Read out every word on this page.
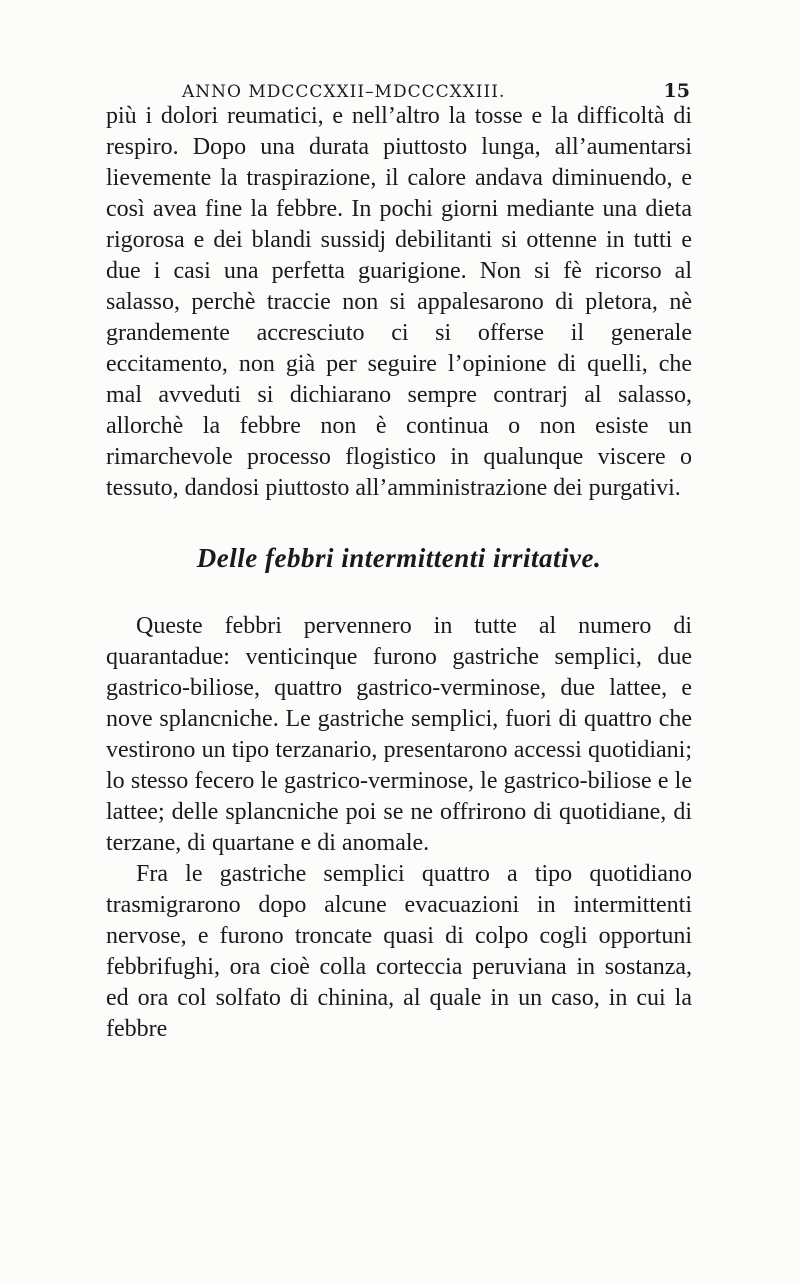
ANNO MDCCCXXII–MDCCCXXIII.	15

più i dolori reumatici, e nell’altro la tosse e la difficoltà di respiro. Dopo una durata piuttosto lunga, all’aumentarsi lievemente la traspirazione, il calore andava diminuendo, e così avea fine la febbre. In pochi giorni mediante una dieta rigorosa e dei blandi sussidj debilitanti si ottenne in tutti e due i casi una perfetta guarigione. Non si fè ricorso al salasso, perchè traccie non si appalesarono di pletora, nè grandemente accresciuto ci si offerse il generale eccitamento, non già per seguire l’opinione di quelli, che mal avveduti si dichiarano sempre contrarj al salasso, allorchè la febbre non è continua o non esiste un rimarchevole processo flogistico in qualunque viscere o tessuto, dandosi piuttosto all’amministrazione dei purgativi.

Delle febbri intermittenti irritative.

Queste febbri pervennero in tutte al numero di quarantadue: venticinque furono gastriche semplici, due gastrico-biliose, quattro gastrico-verminose, due lattee, e nove splancniche. Le gastriche semplici, fuori di quattro che vestirono un tipo terzanario, presentarono accessi quotidiani; lo stesso fecero le gastrico-verminose, le gastrico-biliose e le lattee; delle splancniche poi se ne offrirono di quotidiane, di terzane, di quartane e di anomale.

Fra le gastriche semplici quattro a tipo quotidiano trasmigrarono dopo alcune evacuazioni in intermittenti nervose, e furono troncate quasi di colpo cogli opportuni febbrifughi, ora cioè colla corteccia peruviana in sostanza, ed ora col solfato di chinina, al quale in un caso, in cui la febbre
